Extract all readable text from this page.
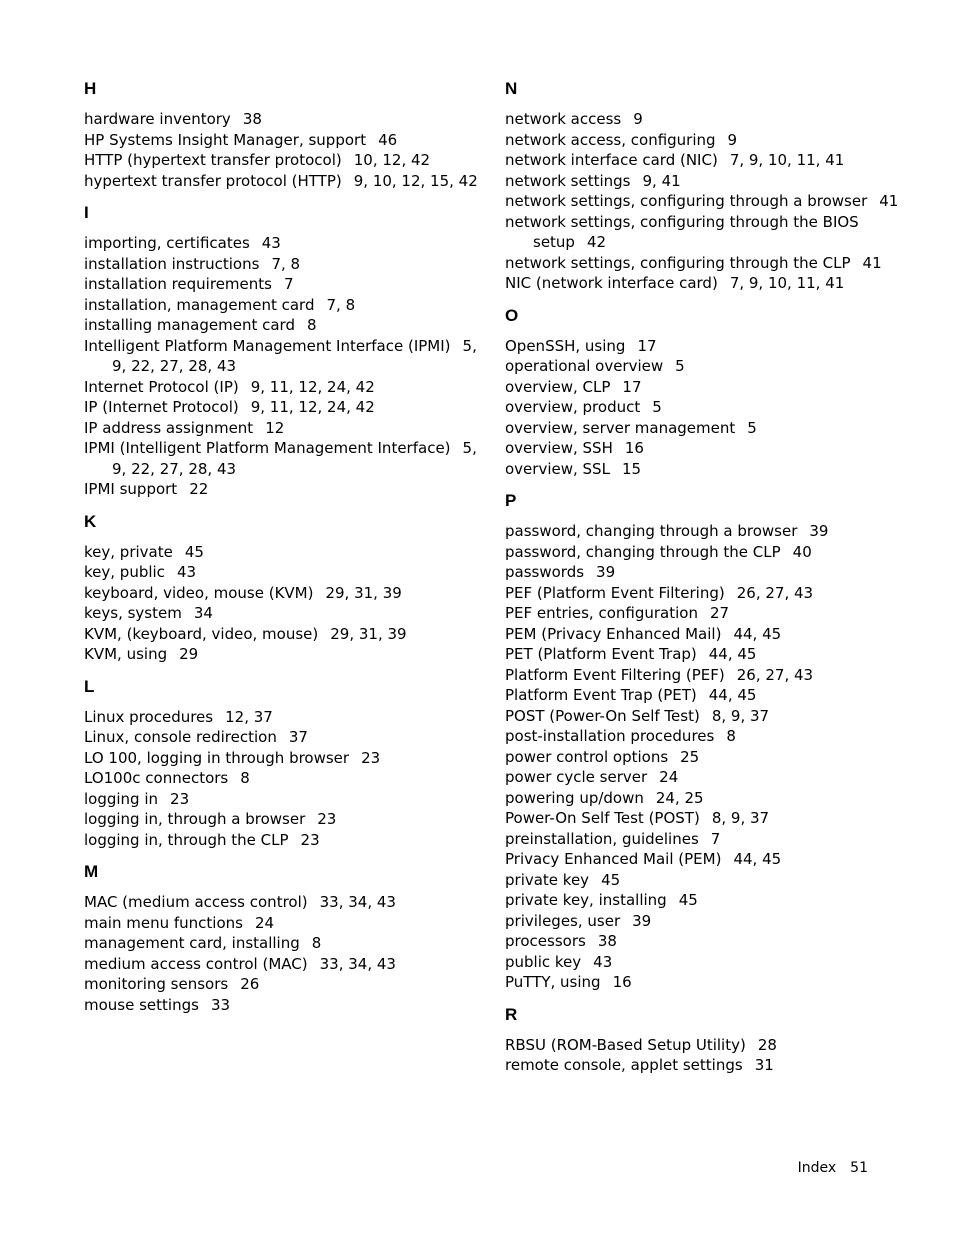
H
hardware inventory 38
HP Systems Insight Manager, support 46
HTTP (hypertext transfer protocol) 10, 12, 42
hypertext transfer protocol (HTTP) 9, 10, 12, 15, 42
I
importing, certificates 43
installation instructions 7, 8
installation requirements 7
installation, management card 7, 8
installing management card 8
Intelligent Platform Management Interface (IPMI) 5, 9, 22, 27, 28, 43
Internet Protocol (IP) 9, 11, 12, 24, 42
IP (Internet Protocol) 9, 11, 12, 24, 42
IP address assignment 12
IPMI (Intelligent Platform Management Interface) 5, 9, 22, 27, 28, 43
IPMI support 22
K
key, private 45
key, public 43
keyboard, video, mouse (KVM) 29, 31, 39
keys, system 34
KVM, (keyboard, video, mouse) 29, 31, 39
KVM, using 29
L
Linux procedures 12, 37
Linux, console redirection 37
LO 100, logging in through browser 23
LO100c connectors 8
logging in 23
logging in, through a browser 23
logging in, through the CLP 23
M
MAC (medium access control) 33, 34, 43
main menu functions 24
management card, installing 8
medium access control (MAC) 33, 34, 43
monitoring sensors 26
mouse settings 33
N
network access 9
network access, configuring 9
network interface card (NIC) 7, 9, 10, 11, 41
network settings 9, 41
network settings, configuring through a browser 41
network settings, configuring through the BIOS setup 42
network settings, configuring through the CLP 41
NIC (network interface card) 7, 9, 10, 11, 41
O
OpenSSH, using 17
operational overview 5
overview, CLP 17
overview, product 5
overview, server management 5
overview, SSH 16
overview, SSL 15
P
password, changing through a browser 39
password, changing through the CLP 40
passwords 39
PEF (Platform Event Filtering) 26, 27, 43
PEF entries, configuration 27
PEM (Privacy Enhanced Mail) 44, 45
PET (Platform Event Trap) 44, 45
Platform Event Filtering (PEF) 26, 27, 43
Platform Event Trap (PET) 44, 45
POST (Power-On Self Test) 8, 9, 37
post-installation procedures 8
power control options 25
power cycle server 24
powering up/down 24, 25
Power-On Self Test (POST) 8, 9, 37
preinstallation, guidelines 7
Privacy Enhanced Mail (PEM) 44, 45
private key 45
private key, installing 45
privileges, user 39
processors 38
public key 43
PuTTY, using 16
R
RBSU (ROM-Based Setup Utility) 28
remote console, applet settings 31
Index 51
